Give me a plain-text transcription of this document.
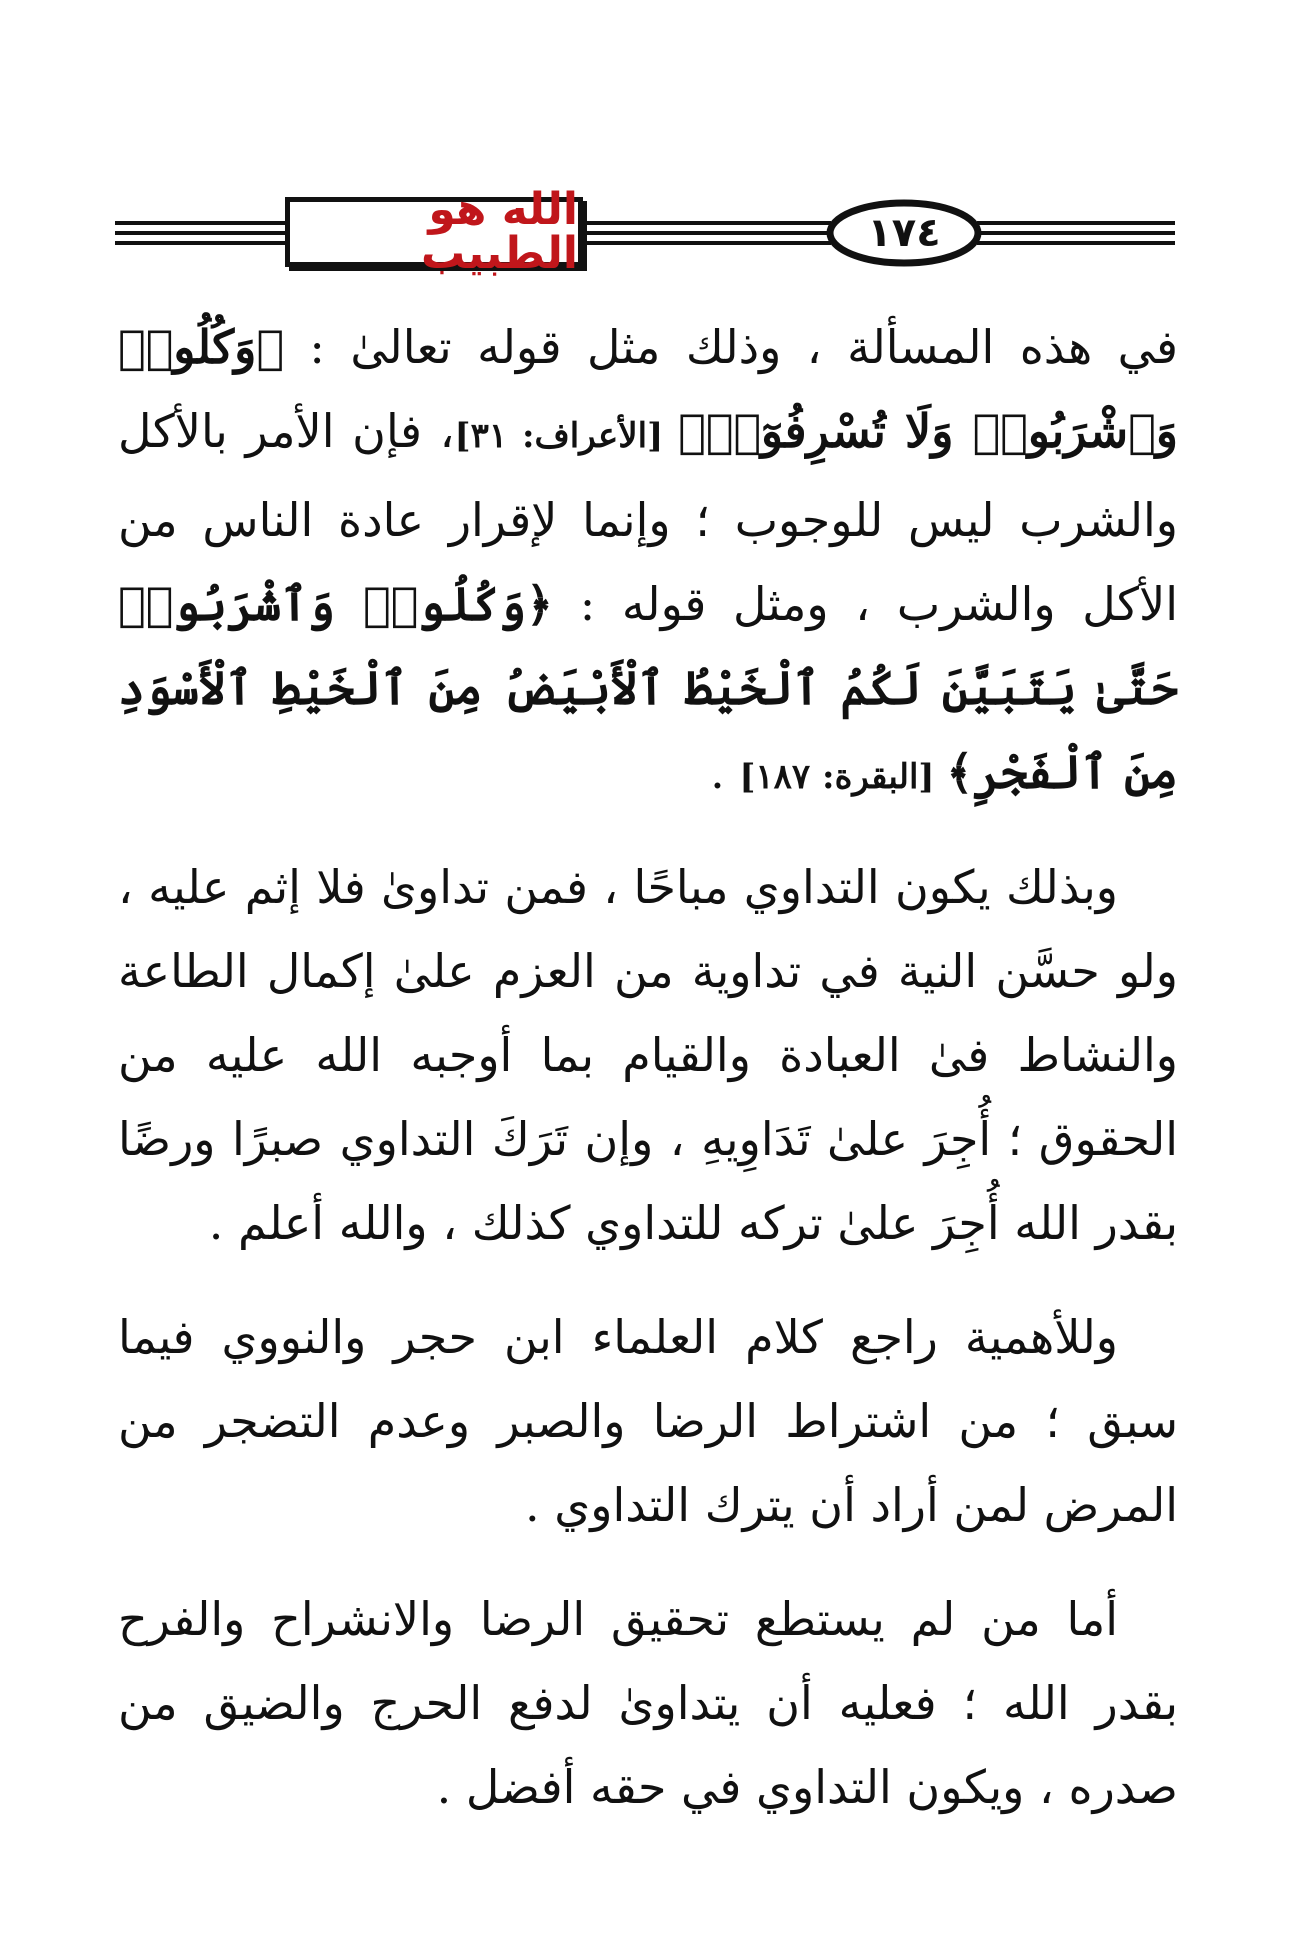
الله هو الطبيب	١٧٤

في هذه المسألة ، وذلك مثل قوله تعالىٰ : ﴿وَكُلُوا۟ وَٱشْرَبُوا۟ وَلَا تُسْرِفُوٓا۟﴾ [الأعراف: ٣١]، فإن الأمر بالأكل والشرب ليس للوجوب ؛ وإنما لإقرار عادة الناس من الأكل والشرب ، ومثل قوله : ﴿وَكُلُوا۟ وَٱشْرَبُوا۟ حَتَّىٰ يَتَبَيَّنَ لَكُمُ ٱلْخَيْطُ ٱلْأَبْيَضُ مِنَ ٱلْخَيْطِ ٱلْأَسْوَدِ مِنَ ٱلْفَجْرِ﴾ [البقرة: ١٨٧] .

وبذلك يكون التداوي مباحًا ، فمن تداوىٰ فلا إثم عليه ، ولو حسَّن النية في تداوية من العزم علىٰ إكمال الطاعة والنشاط فىٰ العبادة والقيام بما أوجبه الله عليه من الحقوق ؛ أُجِرَ علىٰ تَدَاوِيهِ ، وإن تَرَكَ التداوي صبرًا ورضًا بقدر الله أُجِرَ علىٰ تركه للتداوي كذلك ، والله أعلم .

وللأهمية راجع كلام العلماء ابن حجر والنووي فيما سبق ؛ من اشتراط الرضا والصبر وعدم التضجر من المرض لمن أراد أن يترك التداوي .

أما من لم يستطع تحقيق الرضا والانشراح والفرح بقدر الله ؛ فعليه أن يتداوىٰ لدفع الحرج والضيق من صدره ، ويكون التداوي في حقه أفضل .
